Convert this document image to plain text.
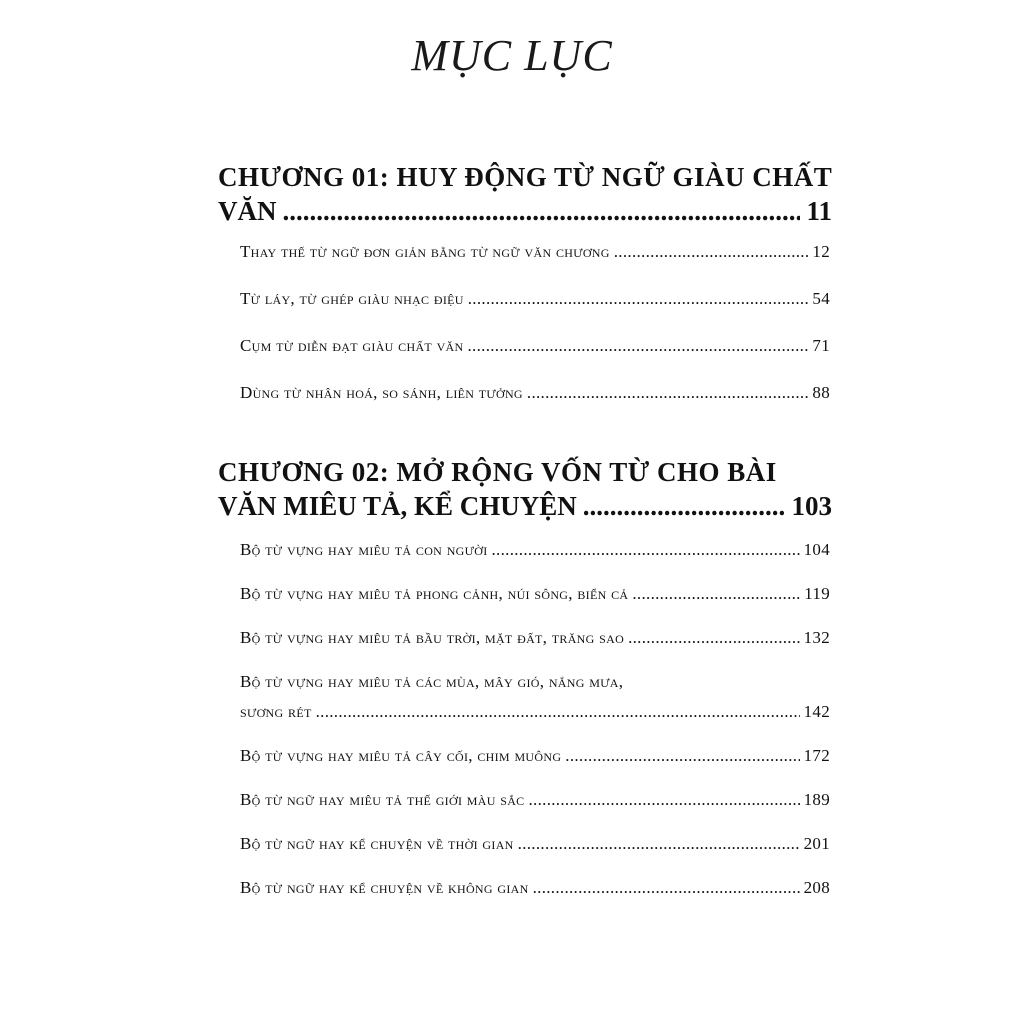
MỤC LỤC
CHƯƠNG 01: HUY ĐỘNG TỪ NGỮ GIÀU CHẤT
VĂN .....	11
Thay thế từ ngữ đơn giản bằng từ ngữ văn chương .....	12
Từ láy, từ ghép giàu nhạc điệu .....	54
Cụm từ diễn đạt giàu chất văn .....	71
Dùng từ nhân hoá, so sánh, liên tưởng .....	88
CHƯƠNG 02: MỞ RỘNG VỐN TỪ CHO BÀI
VĂN MIÊU TẢ, KỂ CHUYỆN .....	103
Bộ từ vựng hay miêu tả con người .....	104
Bộ từ vựng hay miêu tả phong cảnh, núi sông, biển cả .....	119
Bộ từ vựng hay miêu tả bầu trời, mặt đất, trăng sao .....	132
Bộ từ vựng hay miêu tả các mùa, mây gió, nắng mưa,
sương rét .....	142
Bộ từ vựng hay miêu tả cây cối, chim muông .....	172
Bộ từ ngữ hay miêu tả thế giới màu sắc .....	189
Bộ từ ngữ hay kể chuyện về thời gian .....	201
Bộ từ ngữ hay kể chuyện về không gian .....	208
